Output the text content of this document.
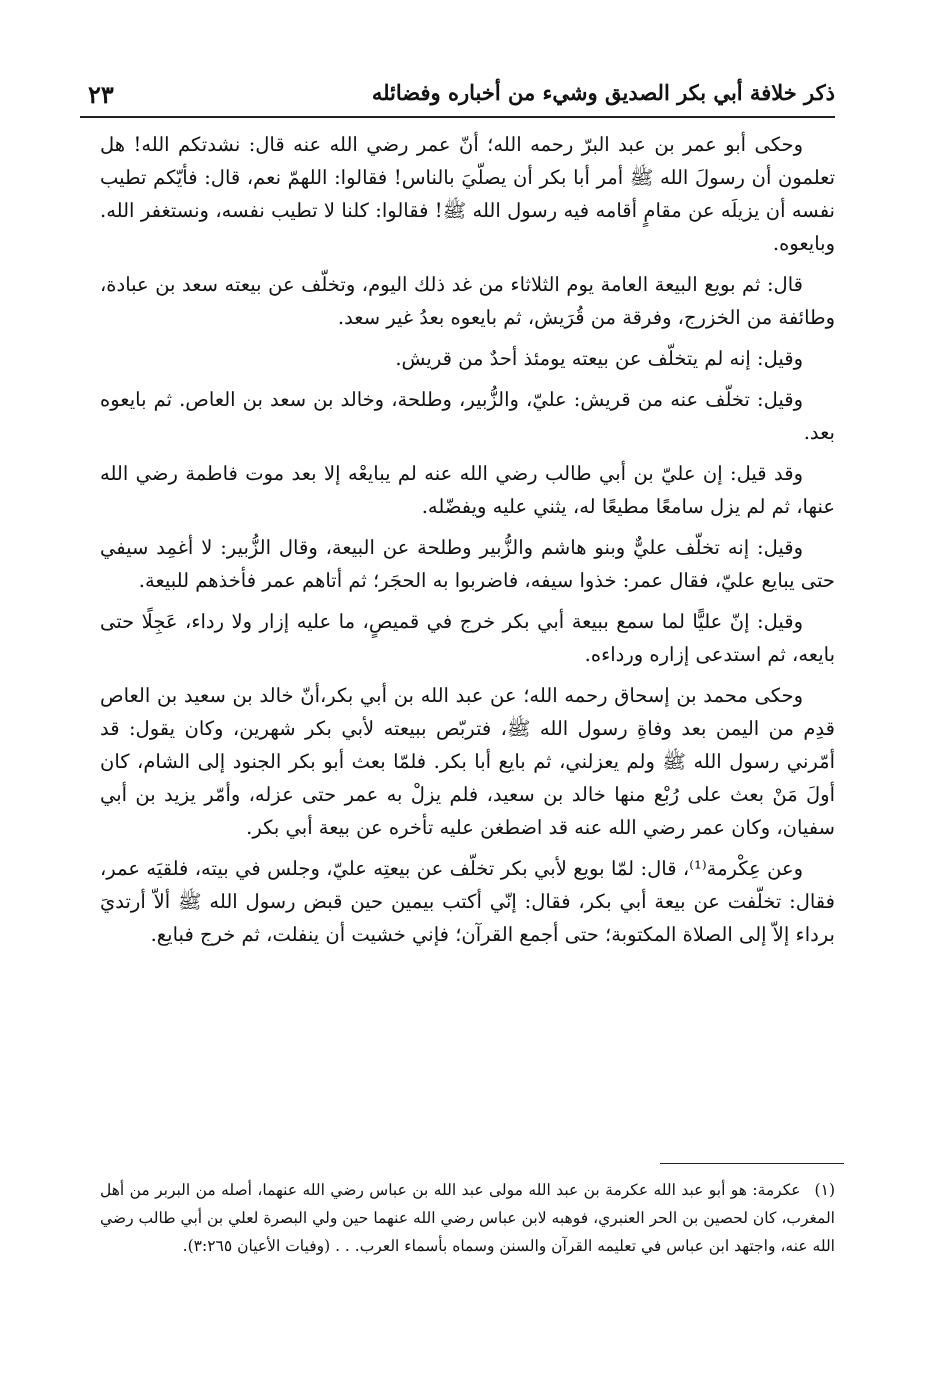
ذكر خلافة أبي بكر الصديق وشيء من أخباره وفضائله
٢٣

وحكى أبو عمر بن عبد البرّ رحمه الله؛ أنّ عمر رضي الله عنه قال: نشدتكم الله! هل تعلمون أن رسولَ الله ﷺ أمر أبا بكر أن يصلّيَ بالناس! فقالوا: اللهمّ نعم، قال: فأيّكم تطيب نفسه أن يزيلَه عن مقامٍ أقامه فيه رسول الله ﷺ! فقالوا: كلنا لا تطيب نفسه، ونستغفر الله. وبايعوه.

قال: ثم بويع البيعة العامة يوم الثلاثاء من غد ذلك اليوم، وتخلّف عن بيعته سعد بن عبادة، وطائفة من الخزرج، وفرقة من قُرَيش، ثم بايعوه بعدُ غير سعد.

وقيل: إنه لم يتخلّف عن بيعته يومئذ أحدٌ من قريش.

وقيل: تخلّف عنه من قريش: عليّ، والزُّبير، وطلحة، وخالد بن سعد بن العاص. ثم بايعوه بعد.

وقد قيل: إن عليّ بن أبي طالب رضي الله عنه لم يبايعْه إلا بعد موت فاطمة رضي الله عنها، ثم لم يزل سامعًا مطيعًا له، يثني عليه ويفضّله.

وقيل: إنه تخلّف عليٌّ وبنو هاشم والزُّبير وطلحة عن البيعة، وقال الزُّبير: لا أغمِد سيفي حتى يبايع عليّ، فقال عمر: خذوا سيفه، فاضربوا به الحجَر؛ ثم أتاهم عمر فأخذهم للبيعة.

وقيل: إنّ عليًّا لما سمع ببيعة أبي بكر خرج في قميصٍ، ما عليه إزار ولا رداء، عَجِلًا حتى بايعه، ثم استدعى إزاره ورداءه.

وحكى محمد بن إسحاق رحمه الله؛ عن عبد الله بن أبي بكر،أنّ خالد بن سعيد بن العاص قدِم من اليمن بعد وفاةِ رسول الله ﷺ، فتربّص ببيعته لأبي بكر شهرين، وكان يقول: قد أمّرني رسول الله ﷺ ولم يعزلني، ثم بايع أبا بكر. فلمّا بعث أبو بكر الجنود إلى الشام، كان أولَ مَنْ بعث على رُبْع منها خالد بن سعيد، فلم يزلْ به عمر حتى عزله، وأمّر يزيد بن أبي سفيان، وكان عمر رضي الله عنه قد اضطغن عليه تأخره عن بيعة أبي بكر.

وعن عِكْرمة⁽¹⁾، قال: لمّا بويع لأبي بكر تخلّف عن بيعتِه عليّ، وجلس في بيته، فلقيَه عمر، فقال: تخلّفت عن بيعة أبي بكر، فقال: إنّي أكتب بيمين حين قبض رسول الله ﷺ ألاّ أرتديَ برداء إلاّ إلى الصلاة المكتوبة؛ حتى أجمع القرآن؛ فإني خشيت أن ينفلت، ثم خرج فبايع.

(١)عكرمة: هو أبو عبد الله عكرمة بن عبد الله مولى عبد الله بن عباس رضي الله عنهما، أصله من البربر من أهل المغرب، كان لحصين بن الحر العنبري، فوهبه لابن عباس رضي الله عنهما حين ولي البصرة لعلي بن أبي طالب رضي الله عنه، واجتهد ابن عباس في تعليمه القرآن والسنن وسماه بأسماء العرب. . . (وفيات الأعيان ٣:٢٦٥).
